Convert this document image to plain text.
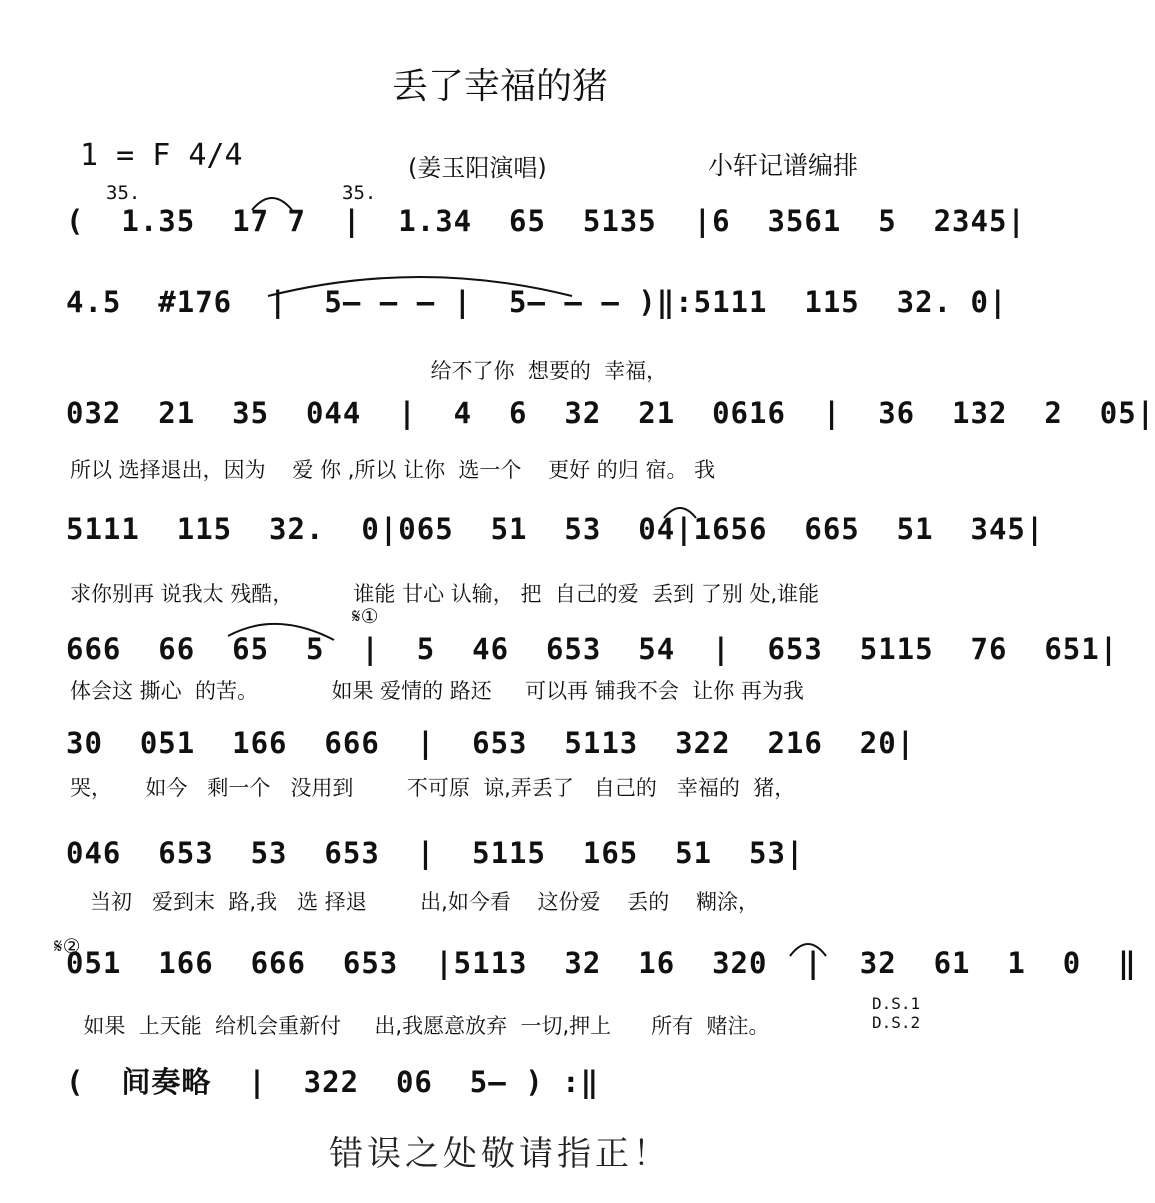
丢了幸福的猪
1 = F 4/4	(姜玉阳演唱)	小轩记谱编排
35.	35.
(  1.35  17 7  |  1.34  65  5135  |6  3561  5  2345|
4.5  #176  |  5— — — |  5— — — )‖:5111  115  32. 0|
给不了你  想要的  幸福，
032  21  35  044  |  4  6  32  21  0616  |  36  132  2  05|
所以 选择退出，因为    爱 你 ,所以 让你  选一个    更好 的归 宿。 我
5111  115  32.  0|065  51  53  04|1656  665  51  345|
求你别再 说我太 残酷，         谁能 甘心 认输， 把  自己的爱  丢到 了别 处,谁能
𝄋①
666  66  65  5  |  5  46  653  54  |  653  5115  76  651|
体会这 撕心  的苦。           如果 爱情的 路还     可以再 铺我不会  让你 再为我
30  051  166  666  |  653  5113  322  216  20|
哭，     如今   剩一个   没用到        不可原  谅,弄丢了   自己的   幸福的  猪，
046  653  53  653  |  5115  165  51  53|
当初   爱到末  路,我   选 择退        出,如今看    这份爱    丢的    糊涂，
𝄋②
051  166  666  653  |5113  32  16  320  |  32  61  1  0  ‖
如果  上天能  给机会重新付     出,我愿意放弃  一切,押上      所有  赌注。
D.S.1
D.S.2
(  间奏略  |  322  06  5— ) :‖
错误之处敬请指正！
